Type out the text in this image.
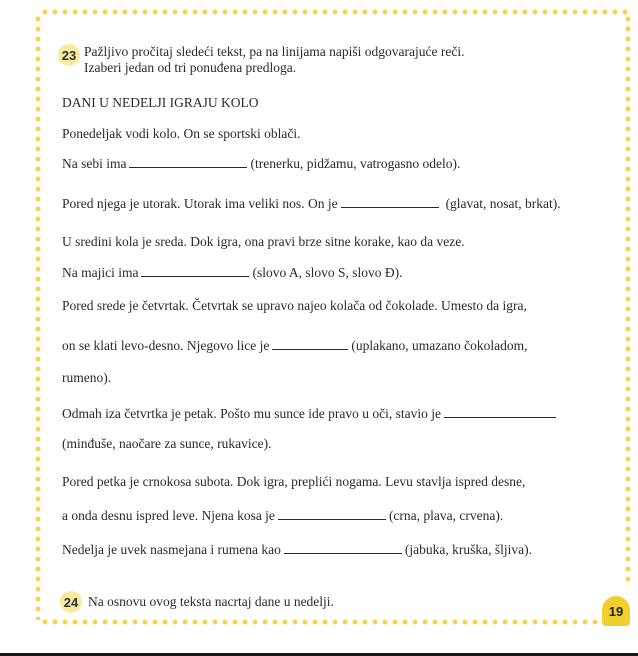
23 Pažljivo pročitaj sledeći tekst, pa na linijama napiši odgovarajuće reči.
Izaberi jedan od tri ponuđena predloga.
DANI U NEDELJI IGRAJU KOLO
Ponedeljak vodi kolo. On se sportski oblači.
Na sebi ima	(trenerku, pidžamu, vatrogasno odelo).
Pored njega je utorak. Utorak ima veliki nos. On je	(glavat, nosat, brkat).
U sredini kola je sreda. Dok igra, ona pravi brze sitne korake, kao da veze.
Na majici ima	(slovo A, slovo S, slovo Đ).
Pored srede je četvrtak. Četvrtak se upravo najeo kolača od čokolade. Umesto da igra,
on se klati levo-desno. Njegovo lice je	(uplakano, umazano čokoladom,
rumeno).
Odmah iza četvrtka je petak. Pošto mu sunce ide pravo u oči, stavio je
(minđuše, naočare za sunce, rukavice).
Pored petka je crnokosa subota. Dok igra, preplići nogama. Levu stavlja ispred desne,
a onda desnu ispred leve. Njena kosa je	(crna, plava, crvena).
Nedelja je uvek nasmejana i rumena kao	(jabuka, kruška, šljiva).
24 Na osnovu ovog teksta nacrtaj dane u nedelji.
19
